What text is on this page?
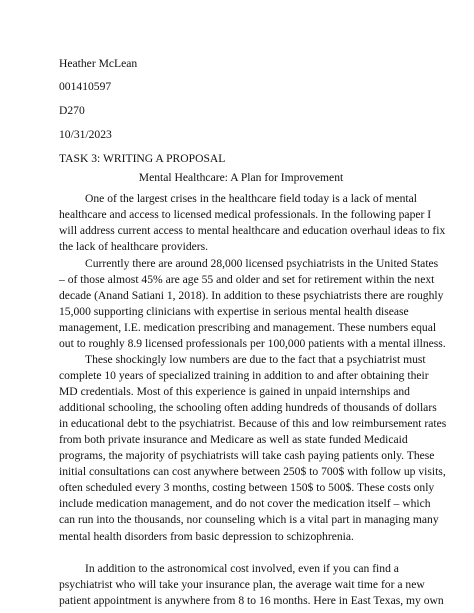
Heather McLean

001410597

D270

10/31/2023

TASK 3: WRITING A PROPOSAL

Mental Healthcare: A Plan for Improvement

One of the largest crises in the healthcare field today is a lack of mental
healthcare and access to licensed medical professionals. In the following paper I
will address current access to mental healthcare and education overhaul ideas to fix
the lack of healthcare providers.
Currently there are around 28,000 licensed psychiatrists in the United States
– of those almost 45% are age 55 and older and set for retirement within the next
decade (Anand Satiani 1, 2018). In addition to these psychiatrists there are roughly
15,000 supporting clinicians with expertise in serious mental health disease
management, I.E. medication prescribing and management. These numbers equal
out to roughly 8.9 licensed professionals per 100,000 patients with a mental illness.
These shockingly low numbers are due to the fact that a psychiatrist must
complete 10 years of specialized training in addition to and after obtaining their
MD credentials. Most of this experience is gained in unpaid internships and
additional schooling, the schooling often adding hundreds of thousands of dollars
in educational debt to the psychiatrist. Because of this and low reimbursement rates
from both private insurance and Medicare as well as state funded Medicaid
programs, the majority of psychiatrists will take cash paying patients only. These
initial consultations can cost anywhere between 250$ to 700$ with follow up visits,
often scheduled every 3 months, costing between 150$ to 500$. These costs only
include medication management, and do not cover the medication itself – which
can run into the thousands, nor counseling which is a vital part in managing many
mental health disorders from basic depression to schizophrenia.
In addition to the astronomical cost involved, even if you can find a
psychiatrist who will take your insurance plan, the average wait time for a new
patient appointment is anywhere from 8 to 16 months. Here in East Texas, my own
